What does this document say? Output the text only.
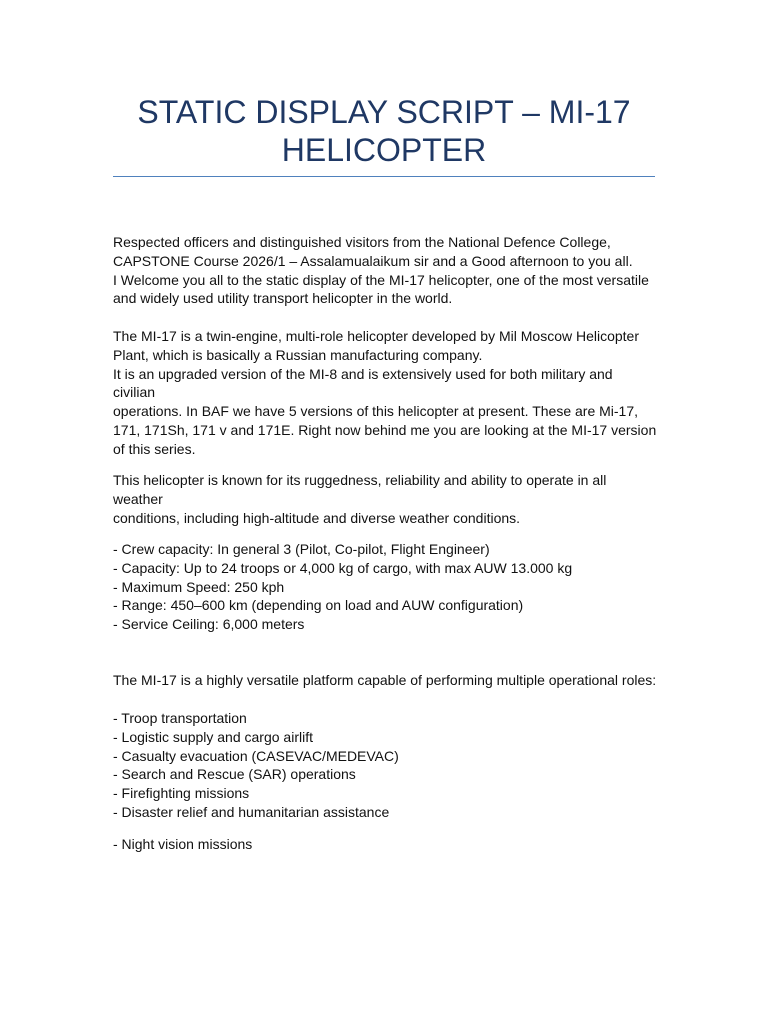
STATIC DISPLAY SCRIPT – MI-17 HELICOPTER

Respected officers and distinguished visitors from the National Defence College,
CAPSTONE Course 2026/1 – Assalamualaikum sir and a Good afternoon to you all.
I Welcome you all to the static display of the MI-17 helicopter, one of the most versatile
and widely used utility transport helicopter in the world.

The MI-17 is a twin-engine, multi-role helicopter developed by Mil Moscow Helicopter
Plant, which is basically a Russian manufacturing company.
It is an upgraded version of the MI-8 and is extensively used for both military and civilian
operations. In BAF we have 5 versions of this helicopter at present. These are Mi-17,
171, 171Sh, 171 v and 171E. Right now behind me you are looking at the MI-17 version
of this series.

This helicopter is known for its ruggedness, reliability and ability to operate in all weather
conditions, including high-altitude and diverse weather conditions.

- Crew capacity: In general 3 (Pilot, Co-pilot, Flight Engineer)
- Capacity: Up to 24 troops or 4,000 kg of cargo, with max AUW 13.000 kg
- Maximum Speed: 250 kph
- Range: 450–600 km (depending on load and AUW configuration)
- Service Ceiling: 6,000 meters

The MI-17 is a highly versatile platform capable of performing multiple operational roles:

- Troop transportation
- Logistic supply and cargo airlift
- Casualty evacuation (CASEVAC/MEDEVAC)
- Search and Rescue (SAR) operations
- Firefighting missions
- Disaster relief and humanitarian assistance

- Night vision missions
